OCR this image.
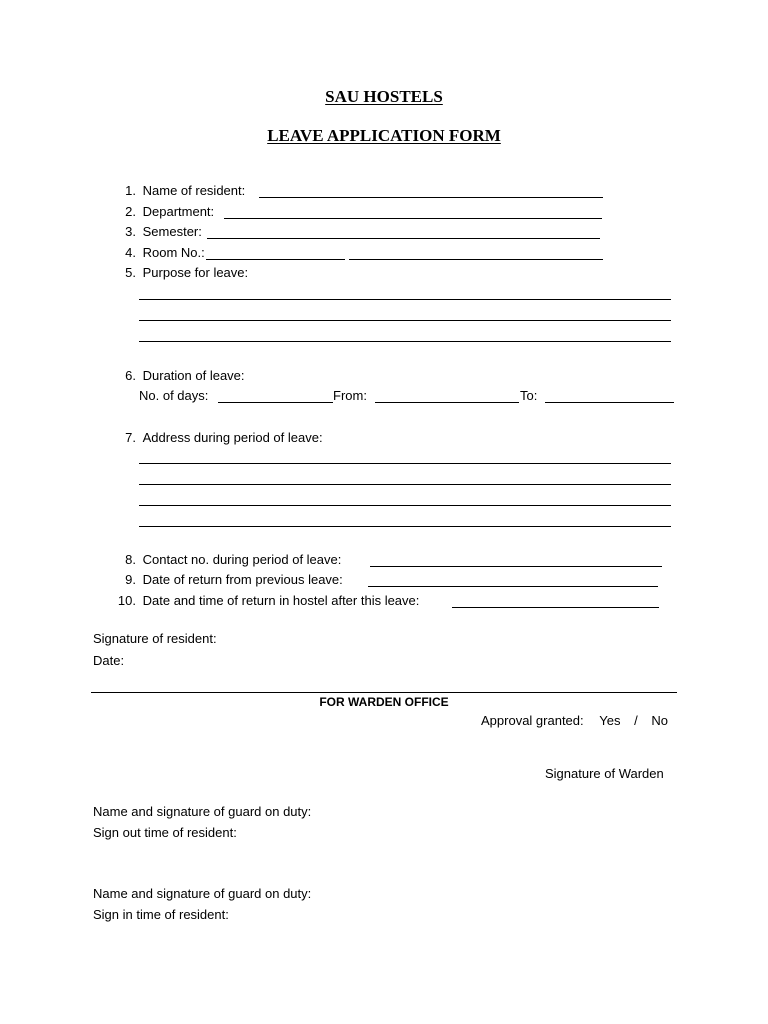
SAU HOSTELS
LEAVE APPLICATION FORM
1. Name of resident:
2. Department:
3. Semester:
4. Room No.:
5. Purpose for leave:
6. Duration of leave:
No. of days:	From:	To:
7. Address during period of leave:
8. Contact no. during period of leave:
9. Date of return from previous leave:
10. Date and time of return in hostel after this leave:
Signature of resident:
Date:
FOR WARDEN OFFICE
Approval granted: Yes / No
Signature of Warden
Name and signature of guard on duty:
Sign out time of resident:
Name and signature of guard on duty:
Sign in time of resident:
